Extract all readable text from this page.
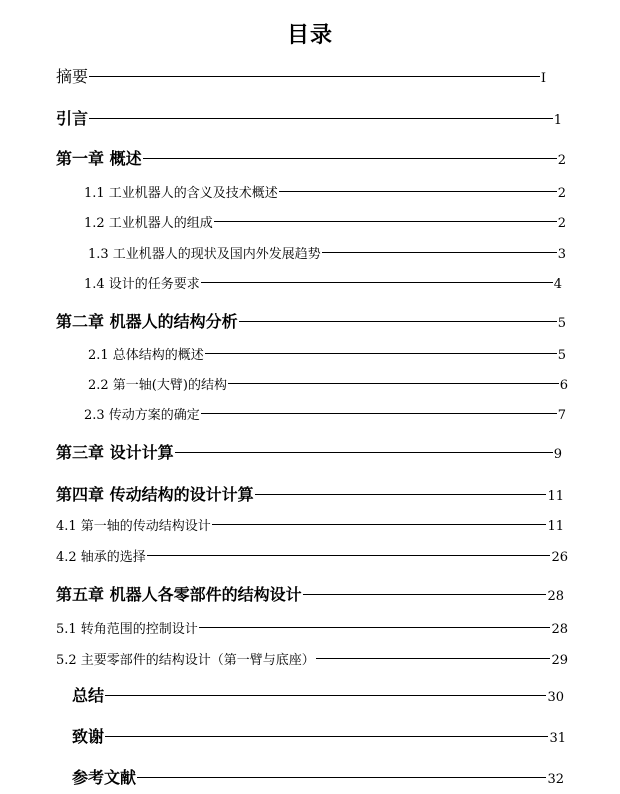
目录
摘要	I
引言	1
第一章 概述	2
1.1 工业机器人的含义及技术概述	2
1.2 工业机器人的组成	2
1.3 工业机器人的现状及国内外发展趋势	3
1.4 设计的任务要求	4
第二章 机器人的结构分析	5
2.1 总体结构的概述	5
2.2 第一轴(大臂)的结构	6
2.3 传动方案的确定	7
第三章 设计计算	9
第四章 传动结构的设计计算	11
4.1 第一轴的传动结构设计	11
4.2 轴承的选择	26
第五章 机器人各零部件的结构设计	28
5.1 转角范围的控制设计	28
5.2 主要零部件的结构设计（第一臂与底座）	29
总结	30
致谢	31
参考文献	32
